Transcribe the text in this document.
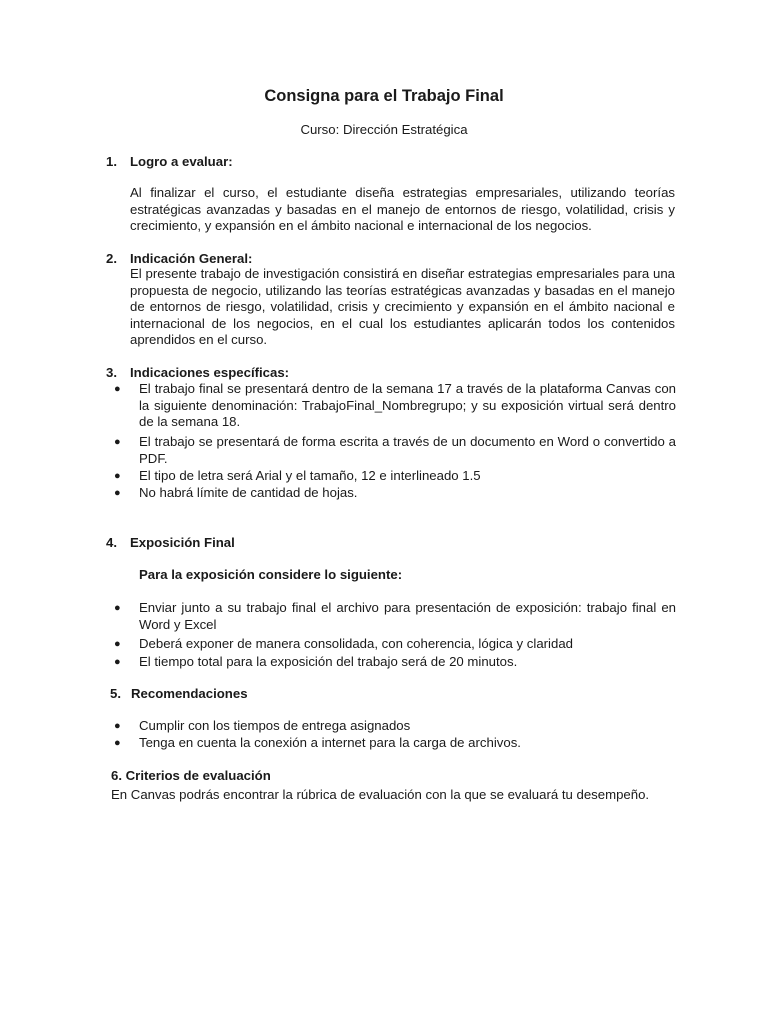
Consigna para el Trabajo Final
Curso: Dirección Estratégica
1. Logro a evaluar:
Al finalizar el curso, el estudiante diseña estrategias empresariales, utilizando teorías estratégicas avanzadas y basadas en el manejo de entornos de riesgo, volatilidad, crisis y crecimiento, y expansión en el ámbito nacional e internacional de los negocios.
2. Indicación General:
El presente trabajo de investigación consistirá en diseñar estrategias empresariales para una propuesta de negocio, utilizando las teorías estratégicas avanzadas y basadas en el manejo de entornos de riesgo, volatilidad, crisis y crecimiento y expansión en el ámbito nacional e internacional de los negocios, en el cual los estudiantes aplicarán todos los contenidos aprendidos en el curso.
3. Indicaciones específicas:
●	El trabajo final se presentará dentro de la semana 17 a través de la plataforma Canvas con la siguiente denominación: TrabajoFinal_Nombregrupo; y su exposición virtual será dentro de la semana 18.
●	El trabajo se presentará de forma escrita a través de un documento en Word o convertido a PDF.
●	El tipo de letra será Arial y el tamaño, 12 e interlineado 1.5
●	No habrá límite de cantidad de hojas.
4. Exposición Final
Para la exposición considere lo siguiente:
●	Enviar junto a su trabajo final el archivo para presentación de exposición: trabajo final en Word y Excel
●	Deberá exponer de manera consolidada, con coherencia, lógica y claridad
●	El tiempo total para la exposición del trabajo será de 20 minutos.
5. Recomendaciones
●	Cumplir con los tiempos de entrega asignados
●	Tenga en cuenta la conexión a internet para la carga de archivos.
6. Criterios de evaluación
En Canvas podrás encontrar la rúbrica de evaluación con la que se evaluará tu desempeño.
